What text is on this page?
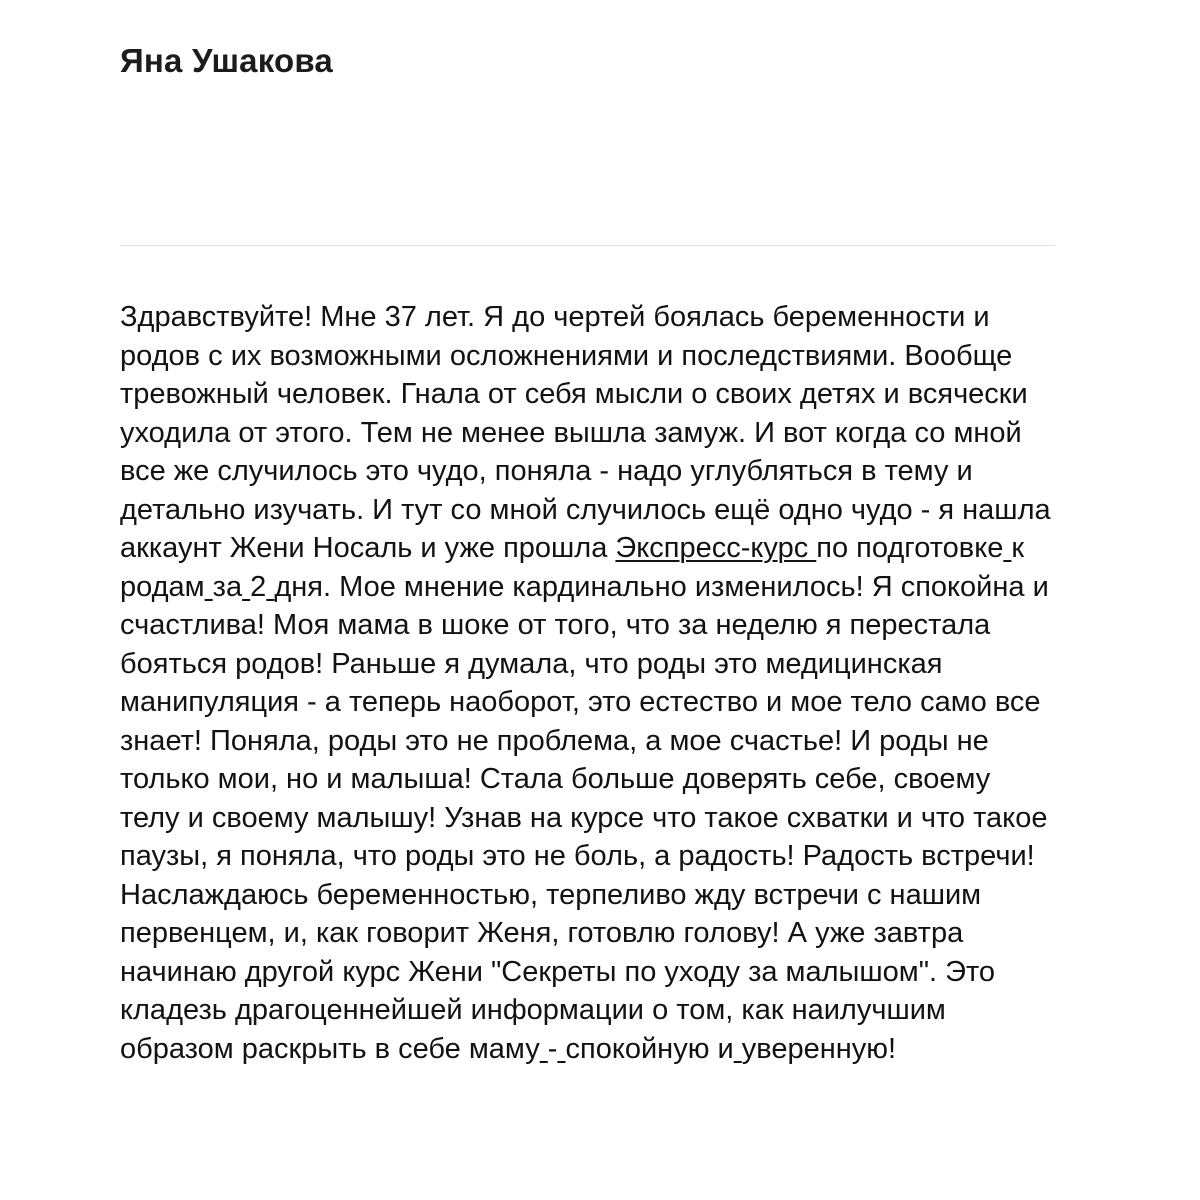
Яна Ушакова

Здравствуйте! Мне 37 лет. Я до чертей боялась беременности и родов с их возможными осложнениями и последствиями. Вообще тревожный человек. Гнала от себя мысли о своих детях и всячески уходила от этого. Тем не менее вышла замуж. И вот когда со мной все же случилось это чудо, поняла - надо углубляться в тему и детально изучать. И тут со мной случилось ещё одно чудо - я нашла аккаунт Жени Носаль и уже прошла Экспресс-курс по подготовке к родам за 2 дня. Мое мнение кардинально изменилось! Я спокойна и счастлива! Моя мама в шоке от того, что за неделю я перестала бояться родов! Раньше я думала, что роды это медицинская манипуляция - а теперь наоборот, это естество и мое тело само все знает! Поняла, роды это не проблема, а мое счастье! И роды не только мои, но и малыша! Стала больше доверять себе, своему телу и своему малышу! Узнав на курсе что такое схватки и что такое паузы, я поняла, что роды это не боль, а радость! Радость встречи! Наслаждаюсь беременностью, терпеливо жду встречи с нашим первенцем, и, как говорит Женя, готовлю голову! А уже завтра начинаю другой курс Жени "Секреты по уходу за малышом". Это кладезь драгоценнейшей информации о том, как наилучшим образом раскрыть в себе маму - спокойную и уверенную!
